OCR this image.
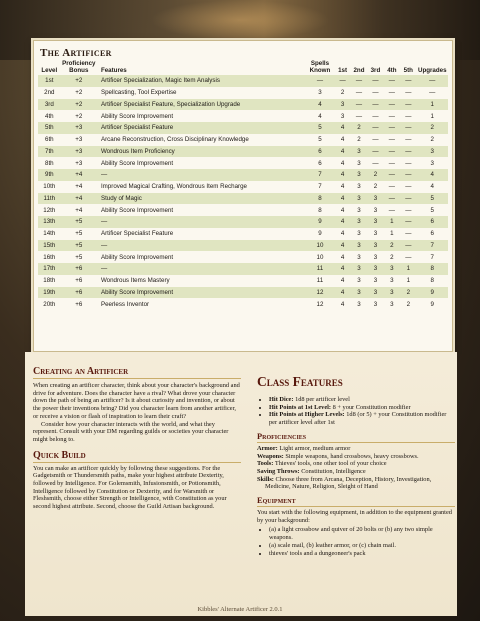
The Artificer
Level	Proficiency
Bonus	Features	Spells
Known	1st	2nd	3rd	4th	5th	Upgrades
1st	+2	Artificer Specialization, Magic Item Analysis	—	—	—	—	—	—	—
2nd	+2	Spellcasting, Tool Expertise	3	2	—	—	—	—	—
3rd	+2	Artificer Specialist Feature, Specialization Upgrade	4	3	—	—	—	—	1
4th	+2	Ability Score Improvement	4	3	—	—	—	—	1
5th	+3	Artificer Specialist Feature	5	4	2	—	—	—	2
6th	+3	Arcane Reconstruction, Cross Disciplinary Knowledge	5	4	2	—	—	—	2
7th	+3	Wondrous Item Proficiency	6	4	3	—	—	—	3
8th	+3	Ability Score Improvement	6	4	3	—	—	—	3
9th	+4	—	7	4	3	2	—	—	4
10th	+4	Improved Magical Crafting, Wondrous Item Recharge	7	4	3	2	—	—	4
11th	+4	Study of Magic	8	4	3	3	—	—	5
12th	+4	Ability Score Improvement	8	4	3	3	—	—	5
13th	+5	—	9	4	3	3	1	—	6
14th	+5	Artificer Specialist Feature	9	4	3	3	1	—	6
15th	+5	—	10	4	3	3	2	—	7
16th	+5	Ability Score Improvement	10	4	3	3	2	—	7
17th	+6	—	11	4	3	3	3	1	8
18th	+6	Wondrous Items Mastery	11	4	3	3	3	1	8
19th	+6	Ability Score Improvement	12	4	3	3	3	2	9
20th	+6	Peerless Inventor	12	4	3	3	3	2	9
Creating an Artificer

When creating an artificer character, think about your character's background and drive for adventure. Does the character have a rival? What drove your character down the path of being an artificer? Is it about curiosity and invention, or about the power their inventions bring? Did you character learn from another artificer, or receive a vision or flash of inspiration to learn their craft?

Consider how your character interacts with the world, and what they represent. Consult with your DM regarding guilds or societies your character might belong to.

Quick Build

You can make an artificer quickly by following these suggestions. For the Gadgetsmith or Thundersmith paths, make your highest attribute Dexterity, followed by Intelligence. For Golemsmith, Infusionsmith, or Potionsmith, Intelligence followed by Constitution or Dexterity, and for Warsmith or Fleshsmith, choose either Strength or Intelligence, with Constitution as your second highest attribute. Second, choose the Guild Artisan background.

Class Features
• Hit Dice: 1d8 per artificer level
• Hit Points at 1st Level: 8 + your Constitution modifier
• Hit Points at Higher Levels: 1d8 (or 5) + your Constitution modifier per artificer level after 1st
Proficiencies

Armor: Light armor, medium armor

Weapons: Simple weapons, hand crossbows, heavy crossbows.

Tools: Thieves' tools, one other tool of your choice

Saving Throws: Constitution, Intelligence

Skills: Choose three from Arcana, Deception, History, Investigation, Medicine, Nature, Religion, Sleight of Hand

Equipment

You start with the following equipment, in addition to the equipment granted by your background:

• (a) a light crossbow and quiver of 20 bolts or (b) any two simple weapons.
• (a) scale mail, (b) leather armor, or (c) chain mail.
• thieves' tools and a dungeoneer's pack
Kibbles' Alternate Artificer 2.0.1
